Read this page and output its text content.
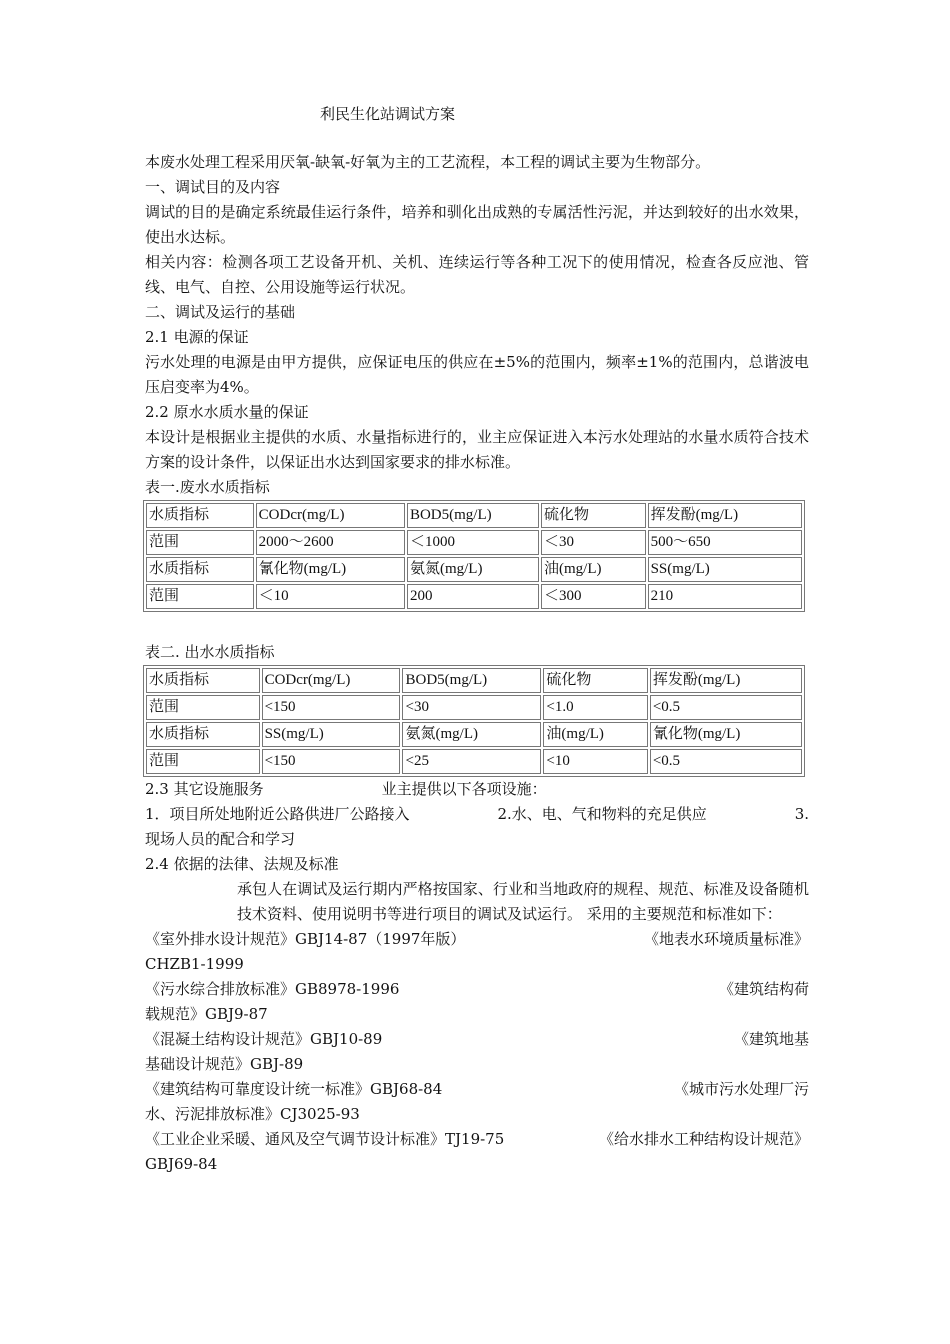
利民生化站调试方案

本废水处理工程采用厌氧-缺氧-好氧为主的工艺流程，本工程的调试主要为生物部分。

一、调试目的及内容

调试的目的是确定系统最佳运行条件，培养和驯化出成熟的专属活性污泥，并达到较好的出水效果，使出水达标。

相关内容：检测各项工艺设备开机、关机、连续运行等各种工况下的使用情况，检查各反应池、管线、电气、自控、公用设施等运行状况。

二、调试及运行的基础

2.1 电源的保证

污水处理的电源是由甲方提供，应保证电压的供应在±5%的范围内，频率±1%的范围内，总谐波电压启变率为4%。

2.2 原水水质水量的保证

本设计是根据业主提供的水质、水量指标进行的，业主应保证进入本污水处理站的水量水质符合技术方案的设计条件，以保证出水达到国家要求的排水标准。

表一.废水水质指标

水质指标	CODcr(mg/L)	BOD5(mg/L)	硫化物	挥发酚(mg/L)
范围	2000～2600	＜1000	＜30	500～650
水质指标	氰化物(mg/L)	氨氮(mg/L)	油(mg/L)	SS(mg/L)
范围	＜10	200	＜300	210

表二. 出水水质指标

水质指标	CODcr(mg/L)	BOD5(mg/L)	硫化物	挥发酚(mg/L)
范围	<150	<30	<1.0	<0.5
水质指标	SS(mg/L)	氨氮(mg/L)	油(mg/L)	氰化物(mg/L)
范围	<150	<25	<10	<0.5

2.3 其它设施服务	业主提供以下各项设施：

1．项目所处地附近公路供进厂公路接入	2.水、电、气和物料的充足供应	3.

现场人员的配合和学习

2.4 依据的法律、法规及标准

承包人在调试及运行期内严格按国家、行业和当地政府的规程、规范、标准及设备随机技术资料、使用说明书等进行项目的调试及试运行。 采用的主要规范和标准如下：

《室外排水设计规范》GBJ14-87（1997年版）	《地表水环境质量标准》

CHZB1-1999

《污水综合排放标准》GB8978-1996	《建筑结构荷

载规范》GBJ9-87

《混凝土结构设计规范》GBJ10-89	《建筑地基

基础设计规范》GBJ-89

《建筑结构可靠度设计统一标准》GBJ68-84	《城市污水处理厂污

水、污泥排放标准》CJ3025-93

《工业企业采暖、通风及空气调节设计标准》TJ19-75	《给水排水工种结构设计规范》

GBJ69-84
